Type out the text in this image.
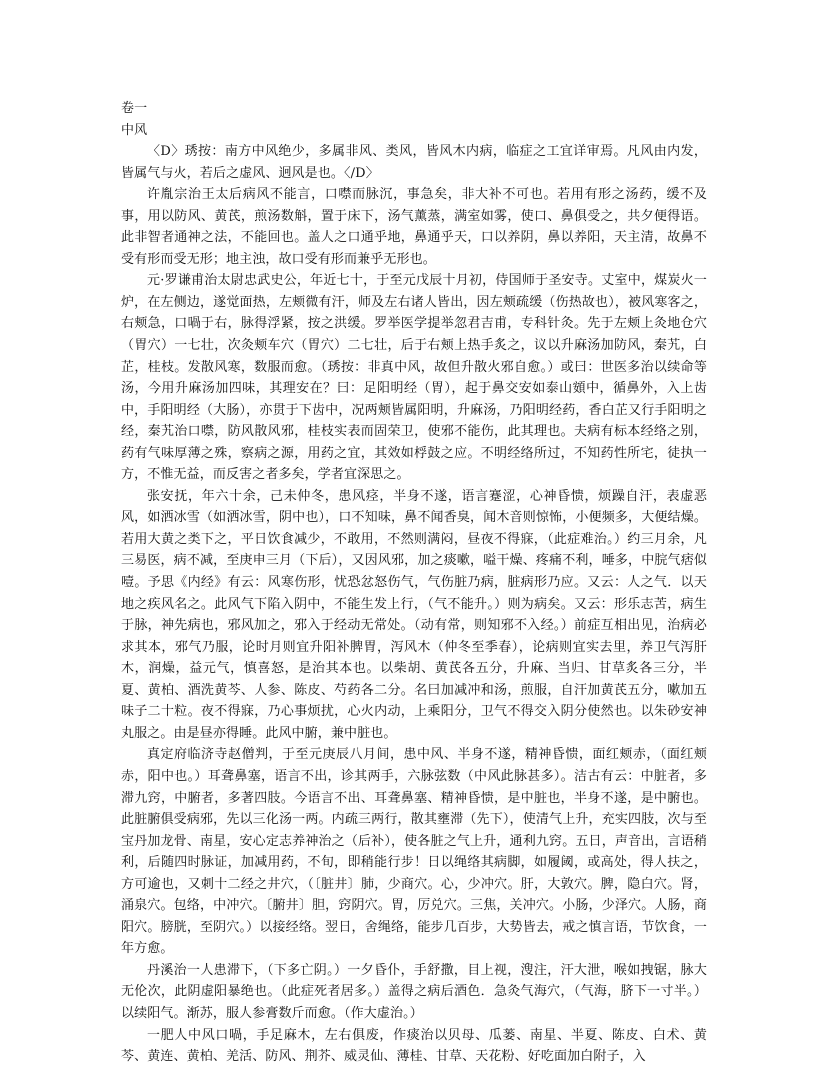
卷一
中风

〈D〉琇按：南方中风绝少，多属非风、类风，皆风木内病，临症之工宜详审焉。凡风由内发，皆属气与火，若后之虚风、迥风是也。〈/D〉

许胤宗治王太后病风不能言，口噤而脉沉，事急矣，非大补不可也。若用有形之汤药，缓不及事，用以防风、黄芪，煎汤数斛，置于床下，汤气薰蒸，满室如雾，使口、鼻俱受之，共夕便得语。此非智者通神之法，不能回也。盖人之口通乎地，鼻通乎天，口以养阴，鼻以养阳，天主清，故鼻不受有形而受无形；地主浊，故口受有形而兼乎无形也。

元·罗谦甫治太尉忠武史公，年近七十，于至元戊辰十月初，侍国师于圣安寺。丈室中，煤炭火一炉，在左侧边，遂觉面热，左颊微有汗，师及左右诸人皆出，因左颊疏缓（伤热故也），被风寒客之，右颊急，口喎于右，脉得浮紧，按之洪缓。罗举医学提举忽君吉甫，专科针灸。先于左颊上灸地仓穴（胃穴）一七壮，次灸颊车穴（胃穴）二七壮，后于右颊上热手炙之，议以升麻汤加防风，秦艽，白芷，桂枝。发散风寒，数服而愈。（琇按：非真中风，故但升散火邪自愈。）或曰：世医多治以续命等汤，今用升麻汤加四味，其理安在？曰：足阳明经（胃），起于鼻交安如泰山頞中，循鼻外，入上齿中，手阳明经（大肠），亦贯于下齿中，况两颊皆属阳明，升麻汤，乃阳明经药，香白芷又行手阳明之经，秦艽治口噤，防风散风邪，桂枝实表而固荣卫，使邪不能伤，此其理也。夫病有标本经络之别，药有气味厚薄之殊，察病之源，用药之宜，其效如桴鼓之应。不明经络所过，不知药性所宅，徒执一方，不惟无益，而反害之者多矣，学者宜深思之。

张安抚，年六十余，己未仲冬，患风痉，半身不遂，语言蹇涩，心神昏愦，烦躁自汗，表虚恶风，如洒冰雪（如洒冰雪，阴中也），口不知味，鼻不闻香臭，闻木音则惊怖，小便频多，大便结燥。若用大黄之类下之，平日饮食减少，不敢用，不然则满闷，昼夜不得寐，（此症难治。）约三月余，凡三易医，病不减，至庚申三月（下后），又因风邪，加之痰嗽，嗌干燥、疼痛不利，唾多，中脘气痞似噎。予思《内经》有云：风寒伤形，忧恐忿怒伤气，气伤脏乃病，脏病形乃应。又云：人之气．以天地之疾风名之。此风气下陷入阴中，不能生发上行，（气不能升。）则为病矣。又云：形乐志苦，病生于脉，神先病也，邪风加之，邪入于经动无常处。（动有常，则知邪不入经。）前症互相出见，治病必求其本，邪气乃服，论时月则宜升阳补脾胃，泻风木（仲冬至季春），论病则宜实去里，养卫气泻肝木，润燥，益元气，慎喜怒，是治其本也。以柴胡、黄芪各五分，升麻、当归、甘草炙各三分，半夏、黄柏、酒洗黄芩、人参、陈皮、芍药各二分。名曰加减冲和汤，煎服，自汗加黄芪五分，嗽加五味子二十粒。夜不得寐，乃心事烦扰，心火内动，上乘阳分，卫气不得交入阴分使然也。以朱砂安神丸服之。由是昼亦得睡。此风中腑，兼中脏也。

真定府临济寺赵僧判，于至元庚辰八月间，患中风、半身不遂，精神昏愦，面红颊赤，（面红颊赤，阳中也。）耳聋鼻塞，语言不出，诊其两手，六脉弦数（中风此脉甚多）。洁古有云：中脏者，多滞九窍，中腑者，多著四肢。今语言不出、耳聋鼻塞、精神昏愦，是中脏也，半身不遂，是中腑也。此脏腑俱受病邪，先以三化汤一两。内疏三两行，散其壅滞（先下），使清气上升，充实四肢，次与至宝丹加龙骨、南星，安心定志养神治之（后补），使各脏之气上升，通利九窍。五日，声音出，言语稍利，后随四时脉证，加减用药，不旬，即稍能行步！日以绳络其病脚，如履阈，或高处，得人扶之，方可逾也，又刺十二经之井穴，（〔脏井〕肺，少商穴。心，少冲穴。肝，大敦穴。脾，隐白穴。肾，涌泉穴。包络，中冲穴。〔腑井〕胆，窍阴穴。胃，厉兑穴。三焦，关冲穴。小肠，少泽穴。人肠，商阳穴。膀胱，至阴穴。）以接经络。翌日，舍绳络，能步几百步，大势皆去，戒之慎言语，节饮食，一年方愈。

丹溪治一人患滞下，（下多亡阴。）一夕昏仆，手舒撒，目上视，溲注，汗大泄，喉如拽锯，脉大无伦次，此阴虚阳暴绝也。（此症死者居多。）盖得之病后酒色．急灸气海穴，（气海，脐下一寸半。）以续阳气。渐苏，服人参膏数斤而愈。（作大虚治。）

一肥人中风口喎，手足麻木，左右俱废，作痰治以贝母、瓜蒌、南星、半夏、陈皮、白术、黄芩、黄连、黄柏、羌活、防风、荆芥、威灵仙、薄桂、甘草、天花粉、好吃面加白附子，入
